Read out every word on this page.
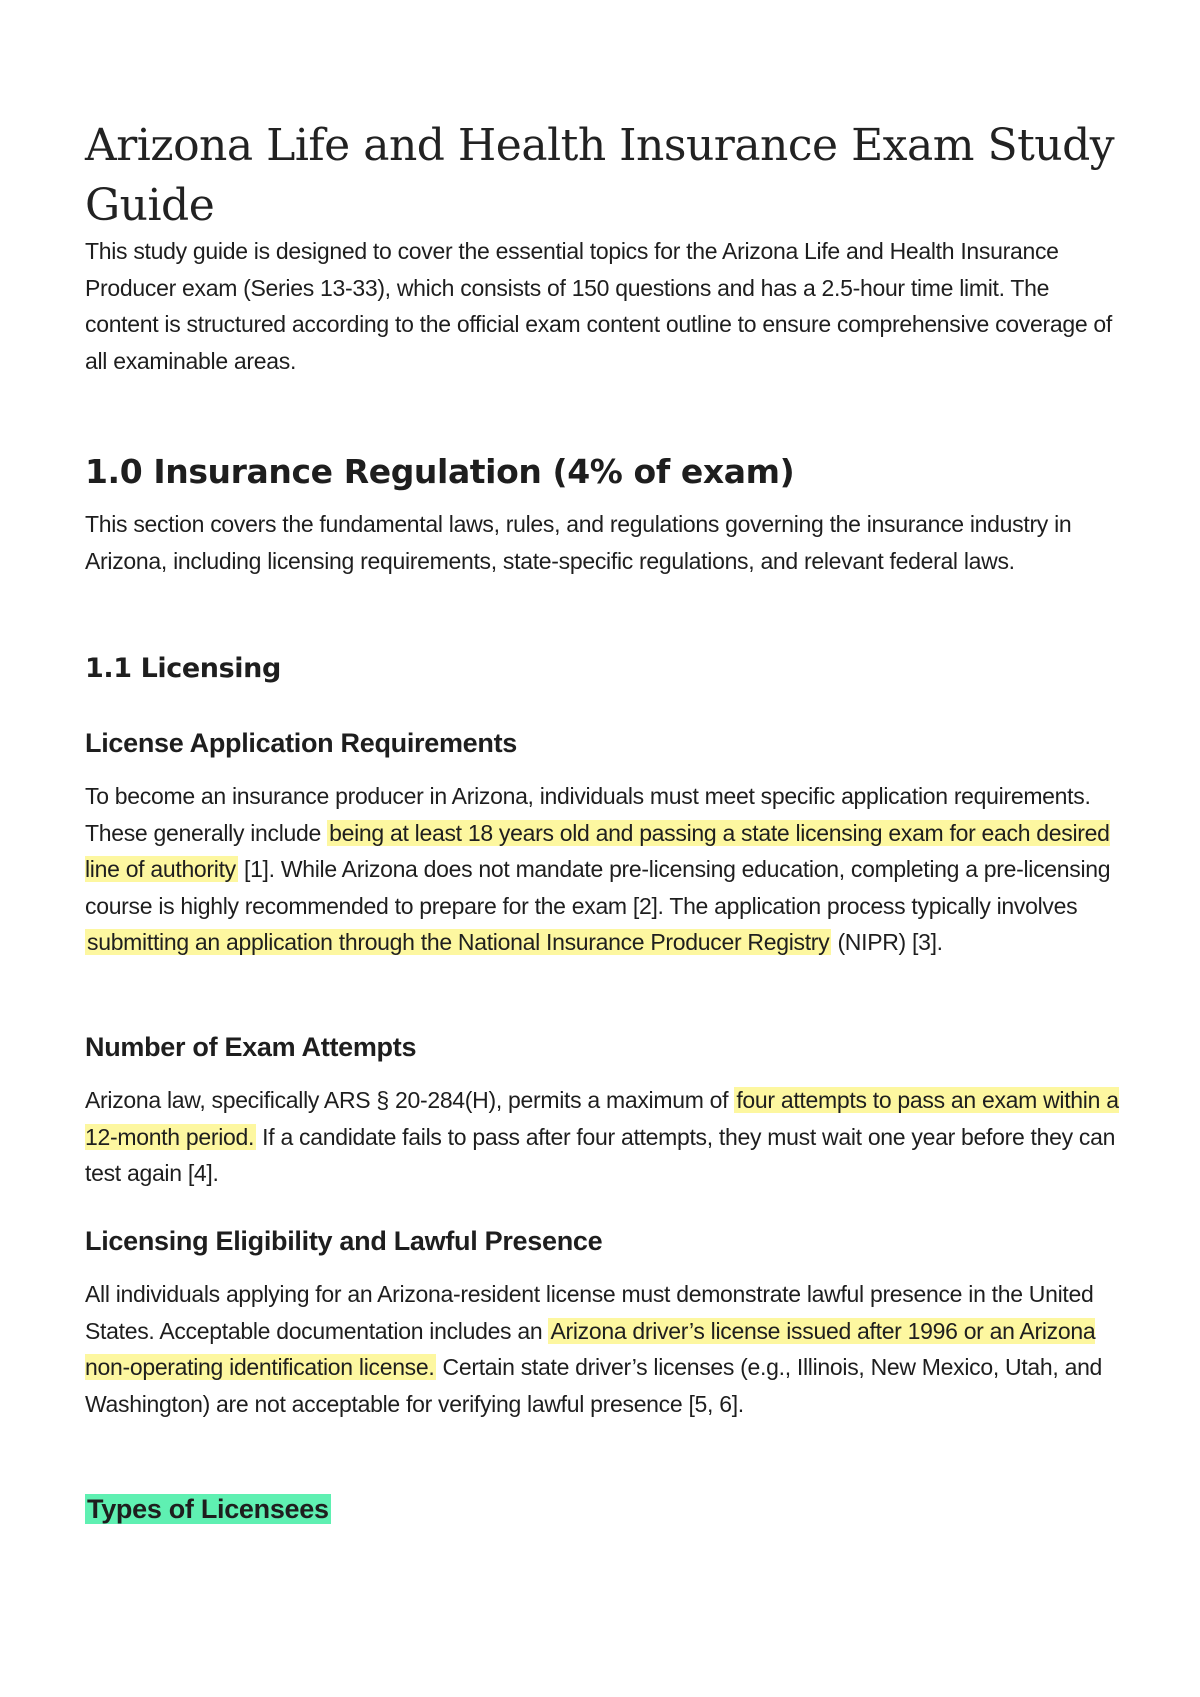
Arizona Life and Health Insurance Exam Study Guide

This study guide is designed to cover the essential topics for the Arizona Life and Health Insurance Producer exam (Series 13-33), which consists of 150 questions and has a 2.5-hour time limit. The content is structured according to the official exam content outline to ensure comprehensive coverage of all examinable areas.

1.0 Insurance Regulation (4% of exam)

This section covers the fundamental laws, rules, and regulations governing the insurance industry in Arizona, including licensing requirements, state-specific regulations, and relevant federal laws.

1.1 Licensing
License Application Requirements

To become an insurance producer in Arizona, individuals must meet specific application requirements. These generally include being at least 18 years old and passing a state licensing exam for each desired line of authority [1]. While Arizona does not mandate pre-licensing education, completing a pre-licensing course is highly recommended to prepare for the exam [2]. The application process typically involves submitting an application through the National Insurance Producer Registry (NIPR) [3].

Number of Exam Attempts

Arizona law, specifically ARS § 20-284(H), permits a maximum of four attempts to pass an exam within a 12-month period. If a candidate fails to pass after four attempts, they must wait one year before they can test again [4].

Licensing Eligibility and Lawful Presence

All individuals applying for an Arizona-resident license must demonstrate lawful presence in the United States. Acceptable documentation includes an Arizona driver’s license issued after 1996 or an Arizona non-operating identification license. Certain state driver’s licenses (e.g., Illinois, New Mexico, Utah, and Washington) are not acceptable for verifying lawful presence [5, 6].

Types of Licensees
